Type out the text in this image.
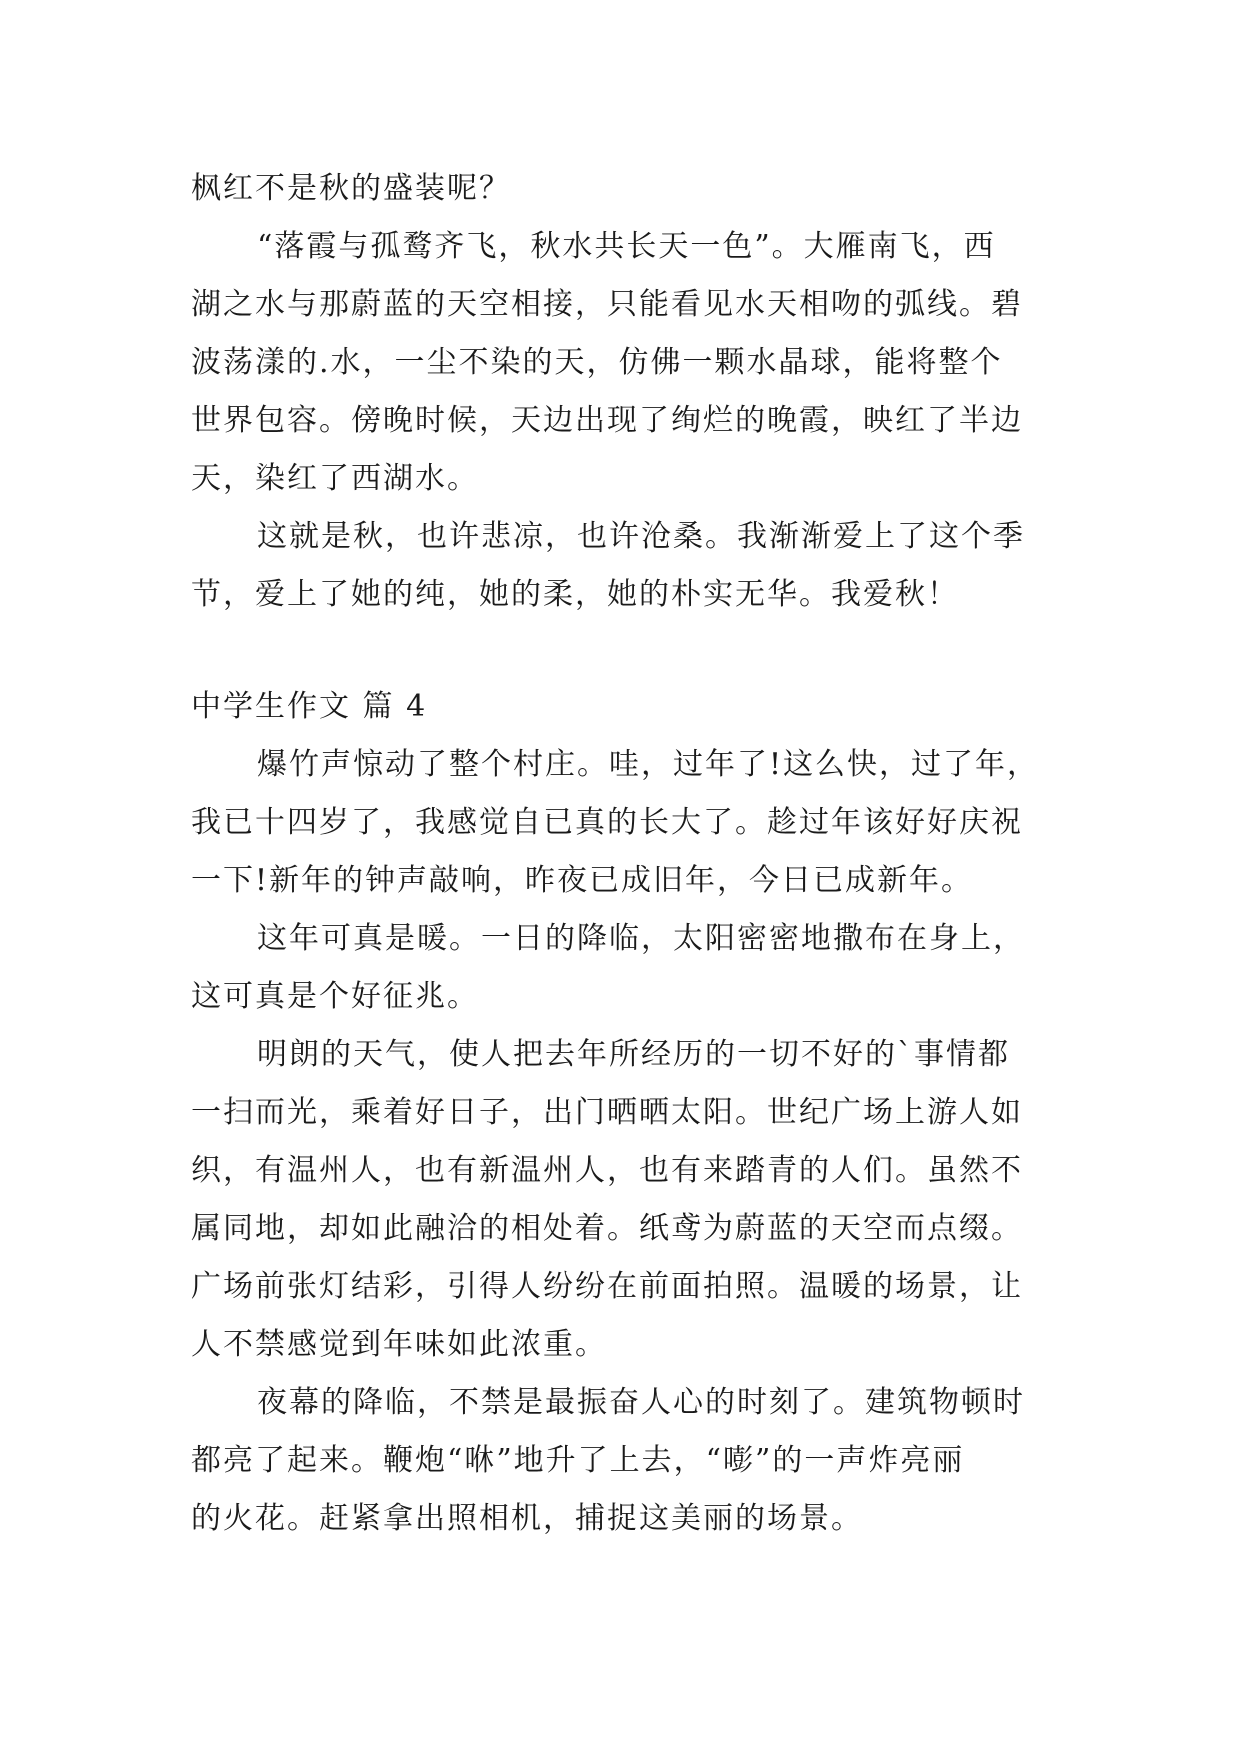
枫红不是秋的盛装呢？
“落霞与孤鹜齐飞，秋水共长天一色”。大雁南飞，西
湖之水与那蔚蓝的天空相接，只能看见水天相吻的弧线。碧
波荡漾的.水，一尘不染的天，仿佛一颗水晶球，能将整个
世界包容。傍晚时候，天边出现了绚烂的晚霞，映红了半边
天，染红了西湖水。
这就是秋，也许悲凉，也许沧桑。我渐渐爱上了这个季
节，爱上了她的纯，她的柔，她的朴实无华。我爱秋！
中学生作文 篇 4
爆竹声惊动了整个村庄。哇，过年了!这么快，过了年，
我已十四岁了，我感觉自已真的长大了。趁过年该好好庆祝
一下!新年的钟声敲响，昨夜已成旧年，今日已成新年。
这年可真是暖。一日的降临，太阳密密地撒布在身上，
这可真是个好征兆。
明朗的天气，使人把去年所经历的一切不好的`事情都
一扫而光，乘着好日子，出门晒晒太阳。世纪广场上游人如
织，有温州人，也有新温州人，也有来踏青的人们。虽然不
属同地，却如此融洽的相处着。纸鸢为蔚蓝的天空而点缀。
广场前张灯结彩，引得人纷纷在前面拍照。温暖的场景，让
人不禁感觉到年味如此浓重。
夜幕的降临，不禁是最振奋人心的时刻了。建筑物顿时
都亮了起来。鞭炮“咻”地升了上去，“嘭”的一声炸亮丽
的火花。赶紧拿出照相机，捕捉这美丽的场景。
